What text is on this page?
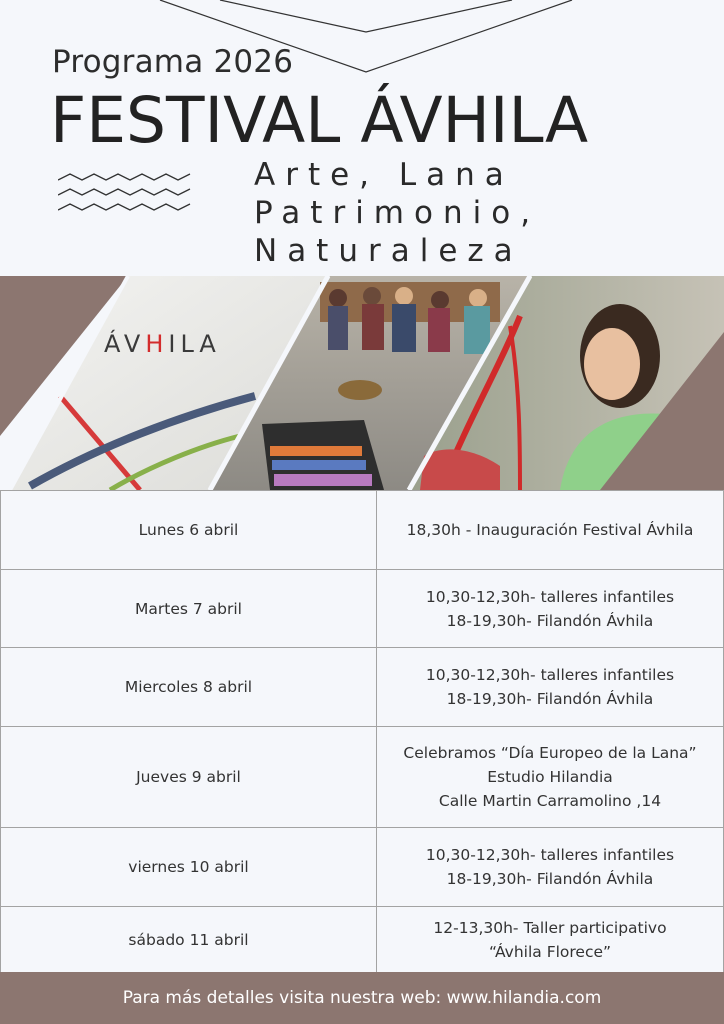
Programa 2026
FESTIVAL ÁVHILA
Arte, Lana
Patrimonio,
Naturaleza
ÁVHILA
Lunes 6 abril	18,30h - Inauguración Festival Ávhila

Martes 7 abril	10,30-12,30h- talleres infantiles
18-19,30h- Filandón Ávhila

Miercoles 8 abril	10,30-12,30h- talleres infantiles
18-19,30h- Filandón Ávhila

Jueves 9 abril	Celebramos “Día Europeo de la Lana”
Estudio Hilandia
Calle Martin Carramolino ,14

viernes 10 abril	10,30-12,30h- talleres infantiles
18-19,30h- Filandón Ávhila

sábado 11 abril	12-13,30h- Taller participativo
“Ávhila Florece”
Para más detalles visita nuestra web: www.hilandia.com
